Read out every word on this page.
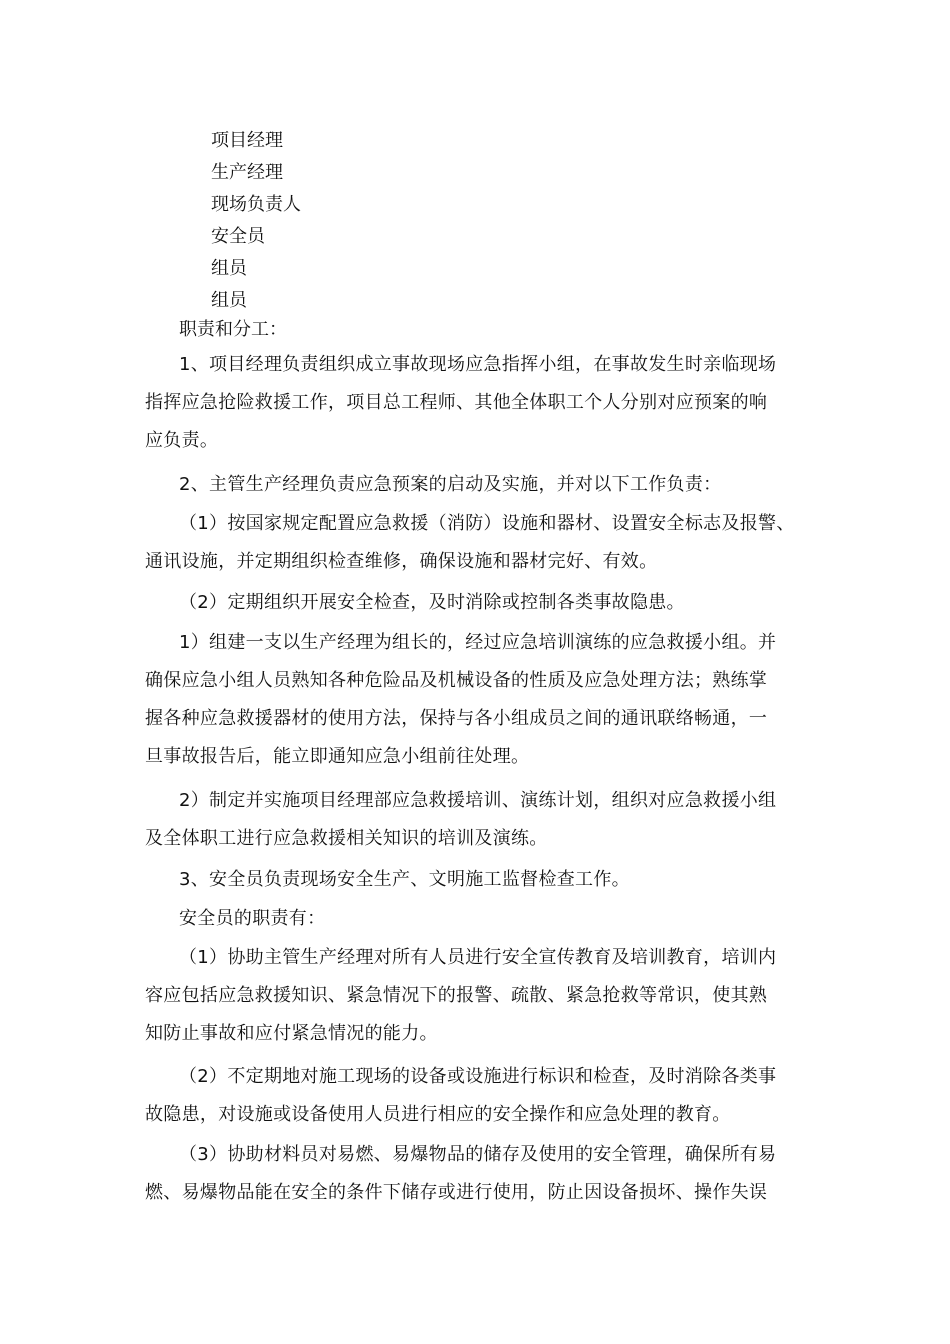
项目经理
生产经理
现场负责人
安全员
组员
组员
职责和分工：
1、项目经理负责组织成立事故现场应急指挥小组，在事故发生时亲临现场
指挥应急抢险救援工作，项目总工程师、其他全体职工个人分别对应预案的响
应负责。
2、主管生产经理负责应急预案的启动及实施，并对以下工作负责：
（1）按国家规定配置应急救援（消防）设施和器材、设置安全标志及报警、
通讯设施，并定期组织检查维修，确保设施和器材完好、有效。
（2）定期组织开展安全检查，及时消除或控制各类事故隐患。
1）组建一支以生产经理为组长的，经过应急培训演练的应急救援小组。并
确保应急小组人员熟知各种危险品及机械设备的性质及应急处理方法；熟练掌
握各种应急救援器材的使用方法，保持与各小组成员之间的通讯联络畅通，一
旦事故报告后，能立即通知应急小组前往处理。
2）制定并实施项目经理部应急救援培训、演练计划，组织对应急救援小组
及全体职工进行应急救援相关知识的培训及演练。
3、安全员负责现场安全生产、文明施工监督检查工作。
安全员的职责有：
（1）协助主管生产经理对所有人员进行安全宣传教育及培训教育，培训内
容应包括应急救援知识、紧急情况下的报警、疏散、紧急抢救等常识，使其熟
知防止事故和应付紧急情况的能力。
（2）不定期地对施工现场的设备或设施进行标识和检查，及时消除各类事
故隐患，对设施或设备使用人员进行相应的安全操作和应急处理的教育。
（3）协助材料员对易燃、易爆物品的储存及使用的安全管理，确保所有易
燃、易爆物品能在安全的条件下储存或进行使用，防止因设备损坏、操作失误
